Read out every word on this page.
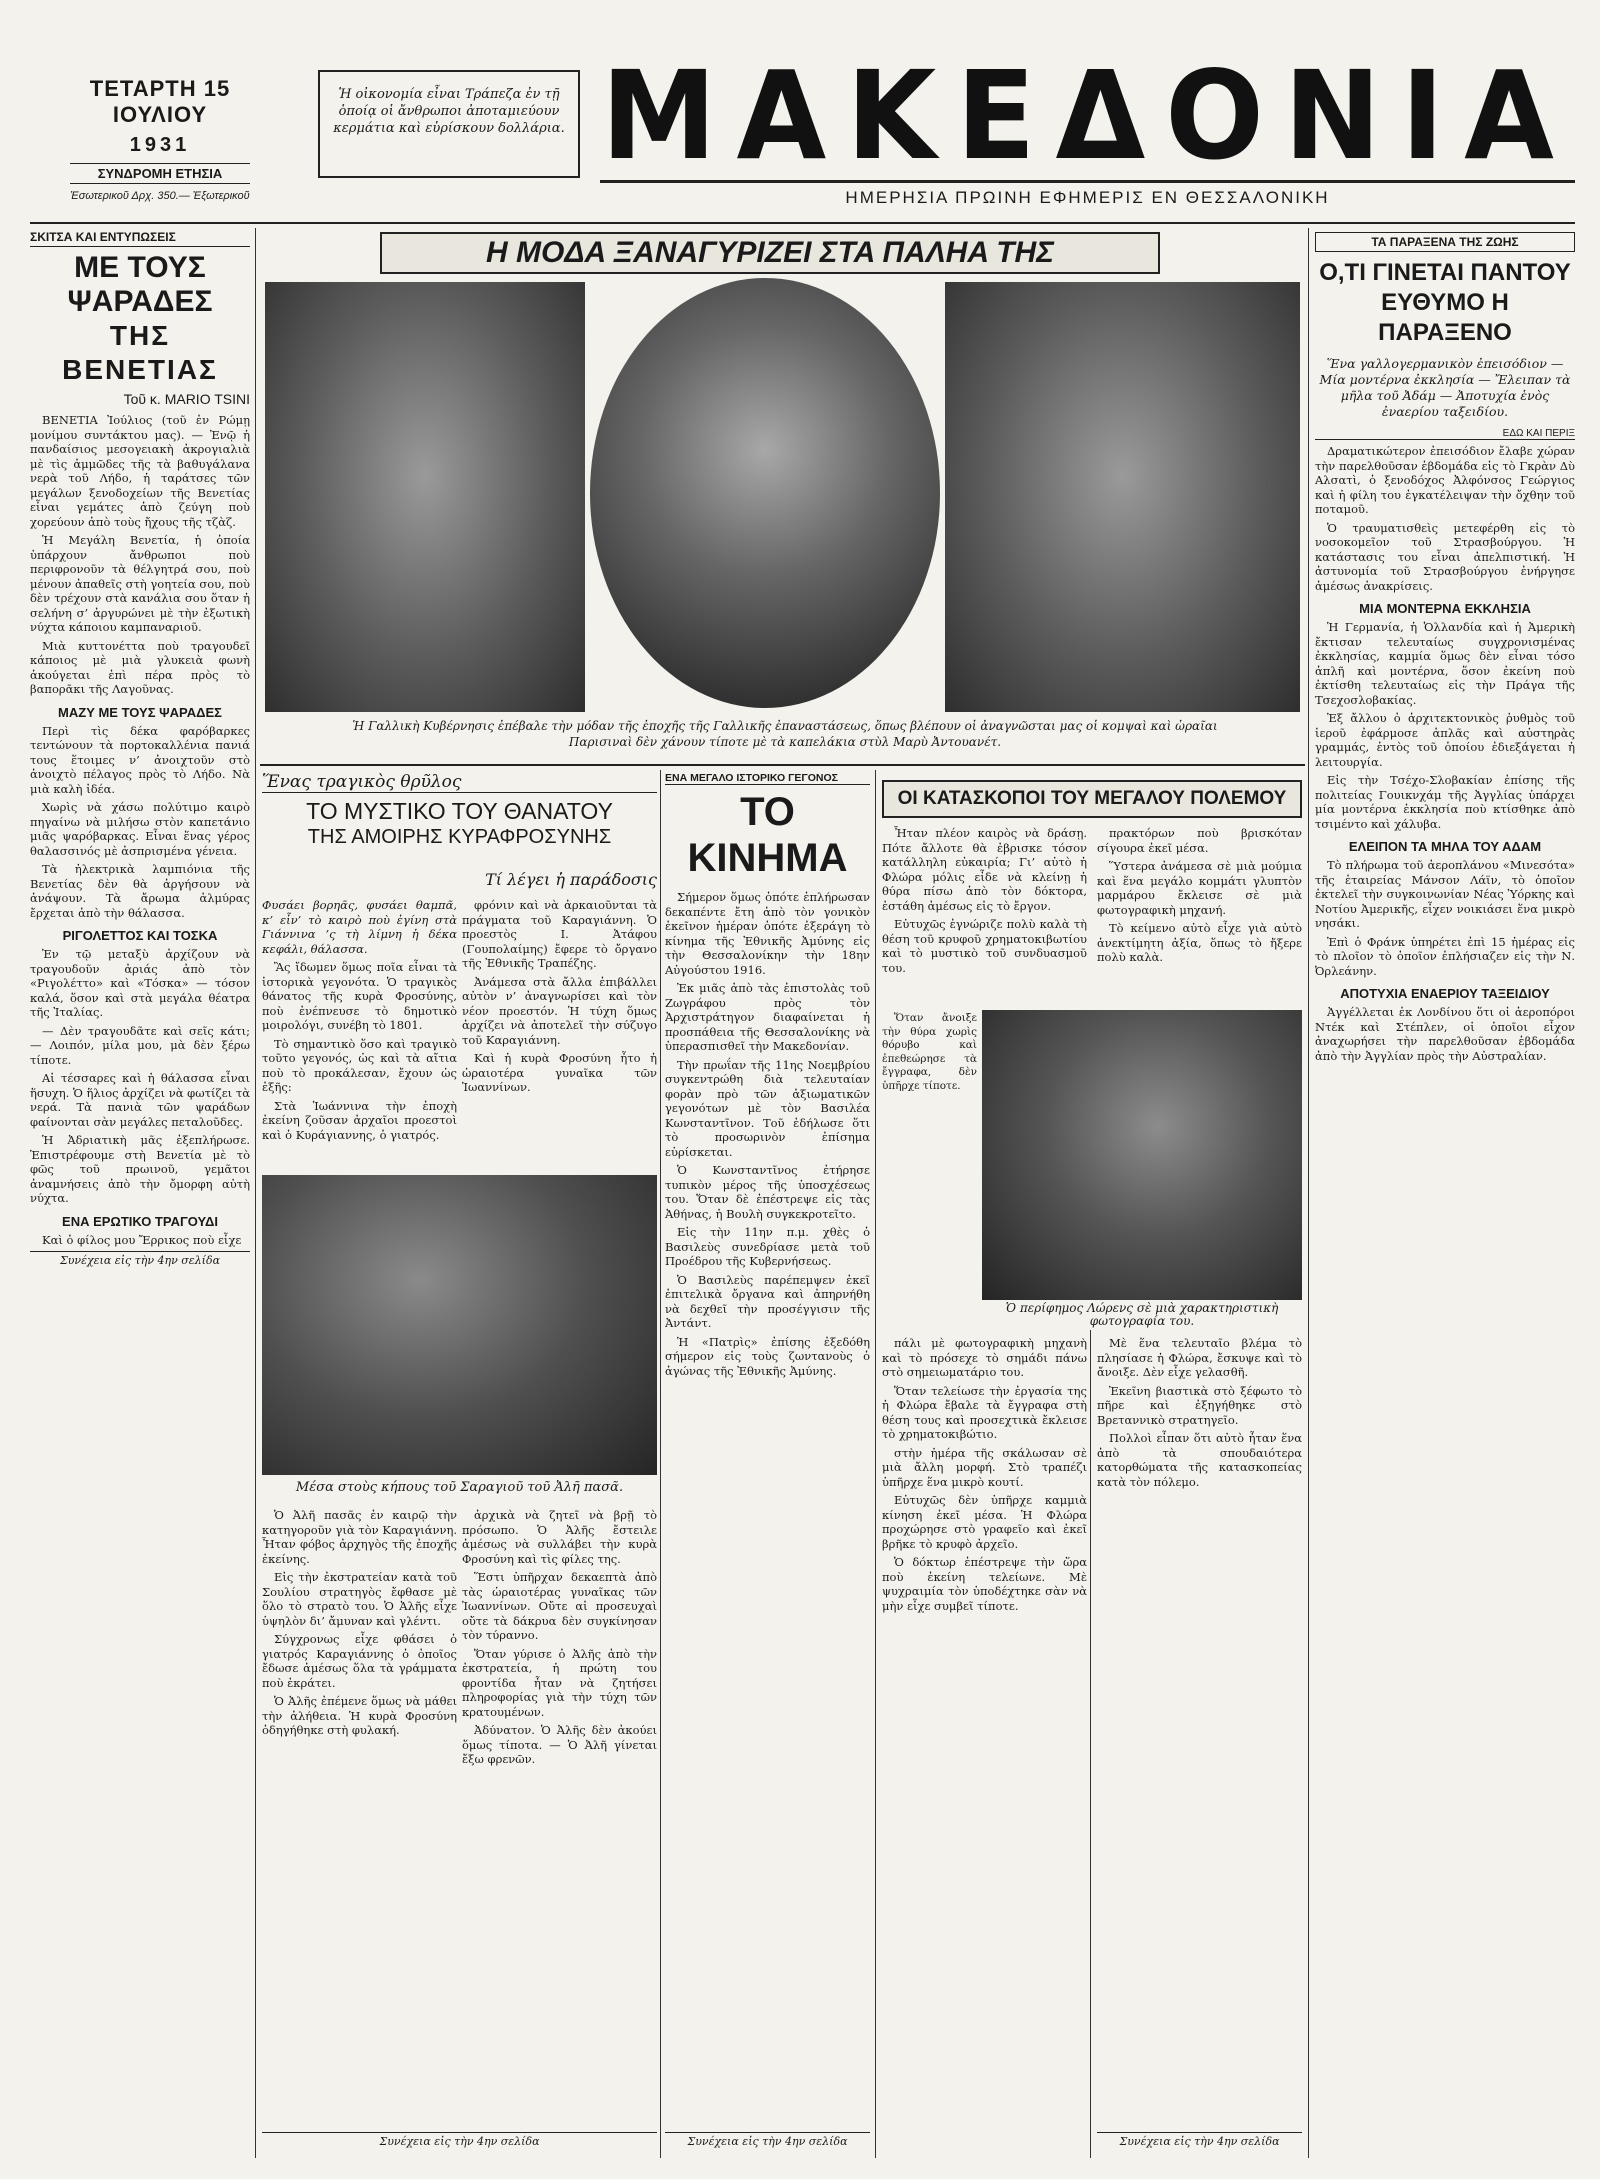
ΤΕΤΑΡΤΗ 15 ΙΟΥΛΙΟΥ
1931
ΣΥΝΔΡΟΜΗ ΕΤΗΣΙΑ
Ἐσωτερικοῦ Δρχ. 350.— Ἐξωτερικοῦ
Ἡ οἰκονομία εἶναι Τράπεζα ἐν τῇ ὁποίᾳ οἱ ἄνθρωποι ἀποταμιεύουν κερμάτια καὶ εὑρίσκουν δολλάρια. ΜΑΚΕΔΟΝΙΑ
ΗΜΕΡΗΣΙΑ ΠΡΩΙΝΗ ΕΦΗΜΕΡΙΣ ΕΝ ΘΕΣΣΑΛΟΝΙΚΗ
ΣΚΙΤΣΑ ΚΑΙ ΕΝΤΥΠΩΣΕΙΣ
ΜΕ ΤΟΥΣ ΨΑΡΑΔΕΣ
ΤΗΣ ΒΕΝΕΤΙΑΣ
Τοῦ κ. MARIO TSINI

ΒΕΝΕΤΙΑ Ἰούλιος (τοῦ ἐν Ρώμῃ μονίμου συντάκτου μας). — Ἐνῷ ἡ πανδαίσιος μεσογειακὴ ἀκρογιαλιὰ μὲ τὶς ἀμμῶδες τῆς τὰ βαθυγάλανα νερὰ τοῦ Λήδο, ἡ ταράτσες τῶν μεγάλων ξενοδοχείων τῆς Βενετίας εἶναι γεμάτες ἀπὸ ζεύγη ποὺ χορεύουν ἀπὸ τοὺς ἤχους τῆς τζὰζ.

Ἡ Μεγάλη Βενετία, ἡ ὁποία ὑπάρχουν ἄνθρωποι ποὺ περιφρονοῦν τὰ θέλγητρά σου, ποὺ μένουν ἀπαθεῖς στὴ γοητεία σου, ποὺ δὲν τρέχουν στὰ κανάλια σου ὅταν ἡ σελήνη σ’ ἀργυρώνει μὲ τὴν ἐξωτικὴ νύχτα κάποιου καμπαναριοῦ.

Μιὰ κυττονέττα ποὺ τραγουδεῖ κάποιος μὲ μιὰ γλυκειὰ φωνὴ ἀκούγεται ἐπὶ πέρα πρὸς τὸ βαπορᾶκι τῆς Λαγοῦνας.

ΜΑΖΥ ΜΕ ΤΟΥΣ ΨΑΡΑΔΕΣ

Περὶ τὶς δέκα φαρόβαρκες τεντώνουν τὰ πορτοκαλλένια πανιά τους ἕτοιμες ν’ ἀνοιχτοῦν στὸ ἀνοιχτὸ πέλαγος πρὸς τὸ Λήδο. Νὰ μιὰ καλὴ ἰδέα.

Χωρὶς νὰ χάσω πολύτιμο καιρὸ πηγαίνω νὰ μιλήσω στὸν καπετάνιο μιᾶς ψαρόβαρκας. Εἶναι ἕνας γέρος θαλασσινός μὲ ἀσπρισμένα γένεια.

Τὰ ἠλεκτρικὰ λαμπιόνια τῆς Βενετίας δὲν θὰ ἀργήσουν νὰ ἀνάψουν. Τὰ ἄρωμα ἁλμύρας ἔρχεται ἀπὸ τὴν θάλασσα.

ΡΙΓΟΛΕΤΤΟΣ ΚΑΙ ΤΟΣΚΑ

Ἐν τῷ μεταξὺ ἀρχίζουν νὰ τραγουδοῦν ἀριάς ἀπὸ τὸν «Ριγολέττο» καὶ «Τόσκα» — τόσον καλά, ὅσον καὶ στὰ μεγάλα θέατρα τῆς Ἰταλίας.

— Δὲν τραγουδᾶτε καὶ σεῖς κάτι; — Λοιπόν, μίλα μου, μὰ δὲν ξέρω τίποτε.

Αἱ τέσσαρες καὶ ἡ θάλασσα εἶναι ἥσυχη. Ὁ ἥλιος ἀρχίζει νὰ φωτίζει τὰ νερά. Τὰ πανιὰ τῶν ψαράδων φαίνονται σὰν μεγάλες πεταλοῦδες.

Ἡ Ἀδριατικὴ μᾶς ἐξεπλήρωσε. Ἐπιστρέφουμε στὴ Βενετία μὲ τὸ φῶς τοῦ πρωινοῦ, γεμᾶτοι ἀναμνήσεις ἀπὸ τὴν ὄμορφη αὐτὴ νύχτα.

ΕΝΑ ΕΡΩΤΙΚΟ ΤΡΑΓΟΥΔΙ

Καὶ ὁ φίλος μου Ἔρρικος ποὺ εἶχε

Συνέχεια εἰς τὴν 4ην σελίδα
Η ΜΟΔΑ ΞΑΝΑΓΥΡΙΖΕΙ ΣΤΑ ΠΑΛΗΑ ΤΗΣ
Ἡ Γαλλικὴ Κυβέρνησις ἐπέβαλε τὴν μόδαν τῆς ἐποχῆς τῆς Γαλλικῆς ἐπαναστάσεως, ὅπως βλέπουν οἱ ἀναγνῶσται μας οἱ κομψαὶ καὶ ὡραῖαι Παρισιναὶ δὲν χάνουν τίποτε μὲ τὰ καπελάκια στὺλ Μαρὺ Ἀντουανέτ.
ΤΑ ΠΑΡΑΞΕΝΑ ΤΗΣ ΖΩΗΣ
Ο,ΤΙ ΓΙΝΕΤΑΙ ΠΑΝΤΟΥ
ΕΥΘΥΜΟ Η ΠΑΡΑΞΕΝΟ

Ἕνα γαλλογερμανικὸν ἐπεισόδιον — Μία μοντέρνα ἐκκλησία — Ἔλειπαν τὰ μῆλα τοῦ Ἀδάμ — Ἀποτυχία ἑνὸς ἐναερίου ταξειδίου.

ΕΔΩ ΚΑΙ ΠΕΡΙΞ

Δραματικώτερον ἐπεισόδιον ἔλαβε χώραν τὴν παρελθοῦσαν ἑβδομάδα εἰς τὸ Γκρὰν Δὺ Αλσατὶ, ὁ ξενοδόχος Ἀλφόνσος Γεώργιος καὶ ἡ φίλη του ἐγκατέλειψαν τὴν ὄχθην τοῦ ποταμοῦ.

Ὁ τραυματισθεὶς μετεφέρθη εἰς τὸ νοσοκομεῖον τοῦ Στρασβούργου. Ἡ κατάστασις του εἶναι ἀπελπιστική. Ἡ ἀστυνομία τοῦ Στρασβούργου ἐνήργησε ἀμέσως ἀνακρίσεις.

ΜΙΑ ΜΟΝΤΕΡΝΑ ΕΚΚΛΗΣΙΑ

Ἡ Γερμανία, ἡ Ὁλλανδία καὶ ἡ Ἀμερικὴ ἔκτισαν τελευταίως συγχρονισμένας ἐκκλησίας, καμμία ὅμως δὲν εἶναι τόσο ἁπλῆ καὶ μοντέρνα, ὅσον ἐκείνη ποὺ ἐκτίσθη τελευταίως εἰς τὴν Πράγα τῆς Τσεχοσλοβακίας.

Ἐξ ἄλλου ὁ ἀρχιτεκτονικὸς ῥυθμὸς τοῦ ἱεροῦ ἐφάρμοσε ἁπλᾶς καὶ αὐστηρὰς γραμμάς, ἐντὸς τοῦ ὁποίου ἐδιεξάγεται ἡ λειτουργία.

Εἰς τὴν Τσέχο-Σλοβακίαν ἐπίσης τῆς πολιτείας Γουικνχάμ τῆς Ἀγγλίας ὑπάρχει μία μοντέρνα ἐκκλησία ποὺ κτίσθηκε ἀπὸ τσιμέντο καὶ χάλυβα.

ΕΛΕΙΠΟΝ ΤΑ ΜΗΛΑ ΤΟΥ ΑΔΑΜ

Τὸ πλήρωμα τοῦ ἀεροπλάνου «Μινεσότα» τῆς ἑταιρείας Μάνσον Λάϊν, τὸ ὁποῖον ἐκτελεῖ τὴν συγκοινωνίαν Νέας Ὑόρκης καὶ Νοτίου Ἀμερικῆς, εἶχεν νοικιάσει ἕνα μικρὸ νησάκι.

Ἐπὶ ὁ Φράνκ ὑπηρέτει ἐπὶ 15 ἡμέρας εἰς τὸ πλοῖον τὸ ὁποῖον ἐπλήσιαζεν εἰς τὴν Ν. Ὀρλεάνην.

ΑΠΟΤΥΧΙΑ ΕΝΑΕΡΙΟΥ ΤΑΞΕΙΔΙΟΥ

Ἀγγέλλεται ἐκ Λονδίνου ὅτι οἱ ἀεροπόροι Ντέκ καὶ Στέπλεν, οἱ ὁποῖοι εἶχον ἀναχωρήσει τὴν παρελθοῦσαν ἑβδομάδα ἀπὸ τὴν Ἀγγλίαν πρὸς τὴν Αὐστραλίαν.

Ἕνας τραγικὸς θρῦλος
ΤΟ ΜΥΣΤΙΚΟ ΤΟΥ ΘΑΝΑΤΟΥ
ΤΗΣ ΑΜΟΙΡΗΣ ΚΥΡΑΦΡΟΣΥΝΗΣ
Τί λέγει ἡ παράδοσις

Φυσάει βορηᾶς, φυσάει θαμπᾶ, κ’ εἶν’ τὸ καιρὸ ποὺ ἐγίνη στὰ Γιάννινα ’ς τὴ λίμνη ἡ δέκα κεφάλι, θάλασσα.

Ἂς ἴδωμεν ὅμως ποῖα εἶναι τὰ ἱστορικὰ γεγονότα. Ὁ τραγικὸς θάνατος τῆς κυρὰ Φροσύνης, ποὺ ἐνέπνευσε τὸ δημοτικὸ μοιρολόγι, συνέβη τὸ 1801.

Τὸ σημαντικὸ ὅσο καὶ τραγικὸ τοῦτο γεγονός, ὡς καὶ τὰ αἴτια ποὺ τὸ προκάλεσαν, ἔχουν ὡς ἑξῆς:

Στὰ Ἰωάννινα τὴν ἐποχὴ ἐκείνη ζοῦσαν ἀρχαῖοι προεστοὶ καὶ ὁ Κυράγιαννης, ὁ γιατρός.

φρόνιν καὶ νὰ ἀρκαιοῦνται τὰ πράγματα τοῦ Καραγιάννη. Ὁ προεστὸς Ι. Ἀτάφου (Γουπολαίμης) ἔφερε τὸ ὄργανο τῆς Ἐθνικῆς Τραπέζης.

Ἀνάμεσα στὰ ἄλλα ἐπιβάλλει αὐτὸν ν’ ἀναγνωρίσει καὶ τὸν νέον προεστόν. Ἡ τύχη ὅμως ἀρχίζει νὰ ἀποτελεῖ τὴν σύζυγο τοῦ Καραγιάννη.

Καὶ ἡ κυρὰ Φροσύνη ἦτο ἡ ὡραιοτέρα γυναῖκα τῶν Ἰωαννίνων.

Μέσα στοὺς κήπους τοῦ Σαραγιοῦ τοῦ Ἀλῆ πασᾶ.

Ὁ Ἀλῆ πασᾶς ἐν καιρῷ τὴν κατηγοροῦν γιὰ τὸν Καραγιάννη. Ἦταν φόβος ἀρχηγὸς τῆς ἐποχῆς ἐκείνης.

Εἰς τὴν ἐκστρατείαν κατὰ τοῦ Σουλίου στρατηγὸς ἔφθασε μὲ ὅλο τὸ στρατὸ του. Ὁ Ἀλῆς εἶχε ὑψηλὸν δι’ ἄμυναν καὶ γλέντι.

Σύγχρονως εἶχε φθάσει ὁ γιατρός Καραγιάννης ὁ ὁποῖος ἔδωσε ἀμέσως ὅλα τὰ γράμματα ποὺ ἐκράτει.

Ὁ Ἀλῆς ἐπέμενε ὅμως νὰ μάθει τὴν ἀλήθεια. Ἡ κυρὰ Φροσύνη ὁδηγήθηκε στὴ φυλακή.

ἀρχικὰ νὰ ζητεῖ νὰ βρῇ τὸ πρόσωπο. Ὁ Ἀλῆς ἔστειλε ἀμέσως νὰ συλλάβει τὴν κυρὰ Φροσύνη καὶ τὶς φίλες της.

Ἕστι ὑπῆρχαν δεκαεπτὰ ἀπὸ τὰς ὡραιοτέρας γυναῖκας τῶν Ἰωαννίνων. Οὔτε αἱ προσευχαὶ οὔτε τὰ δάκρυα δὲν συγκίνησαν τὸν τύραννο.

Ὅταν γύρισε ὁ Ἀλῆς ἀπὸ τὴν ἐκστρατεία, ἡ πρώτη του φροντίδα ἦταν νὰ ζητήσει πληροφορίας γιὰ τὴν τύχη τῶν κρατουμένων.

Ἀδύνατον. Ὁ Ἀλῆς δὲν ἀκούει ὅμως τίποτα. — Ὁ Ἀλῆ γίνεται ἔξω φρενῶν.

Συνέχεια εἰς τὴν 4ην σελίδα
ΕΝΑ ΜΕΓΑΛΟ ΙΣΤΟΡΙΚΟ ΓΕΓΟΝΟΣ
ΤΟ ΚΙΝΗΜΑ

Σήμερον ὅμως ὁπότε ἐπλήρωσαν δεκαπέντε ἔτη ἀπὸ τὸν γονικὸν ἐκεῖνον ἡμέραν ὁπότε ἐξεράγη τὸ κίνημα τῆς Ἐθνικῆς Ἀμύνης εἰς τὴν Θεσσαλονίκην τὴν 18ην Αὐγούστου 1916.

Ἐκ μιᾶς ἀπὸ τὰς ἐπιστολὰς τοῦ Ζωγράφου πρὸς τὸν Ἀρχιστράτηγον διαφαίνεται ἡ προσπάθεια τῆς Θεσσαλονίκης νὰ ὑπερασπισθεῖ τὴν Μακεδονίαν.

Τὴν πρωΐαν τῆς 11ης Νοεμβρίου συγκεντρώθη διὰ τελευταίαν φορὰν πρὸ τῶν ἀξιωματικῶν γεγονότων μὲ τὸν Βασιλέα Κωνσταντῖνον. Τοῦ ἐδήλωσε ὅτι τὸ προσωρινὸν ἐπίσημα εὑρίσκεται.

Ὁ Κωνσταντῖνος ἐτήρησε τυπικὸν μέρος τῆς ὑποσχέσεως του. Ὅταν δὲ ἐπέστρεψε εἰς τὰς Ἀθήνας, ἡ Βουλὴ συγκεκροτεῖτο.

Εἰς τὴν 11ην π.μ. χθὲς ὁ Βασιλεὺς συνεδρίασε μετὰ τοῦ Προέδρου τῆς Κυβερνήσεως.

Ὁ Βασιλεὺς παρέπεμψεν ἐκεῖ ἐπιτελικὰ ὄργανα καὶ ἀπηρνήθη νὰ δεχθεῖ τὴν προσέγγισιν τῆς Ἀντάντ.

Ἡ «Πατρὶς» ἐπίσης ἐξεδόθη σήμερον εἰς τοὺς ζωντανοὺς ὁ ἀγώνας τῆς Ἐθνικῆς Ἀμύνης.

Συνέχεια εἰς τὴν 4ην σελίδα
ΟΙ ΚΑΤΑΣΚΟΠΟΙ ΤΟΥ ΜΕΓΑΛΟΥ ΠΟΛΕΜΟΥ

Ἦταν πλέον καιρὸς νὰ δράσῃ. Πότε ἄλλοτε θὰ ἐβρισκε τόσον κατάλληλη εὐκαιρία; Γι’ αὐτὸ ἡ Φλώρα μόλις εἶδε νὰ κλείνῃ ἡ θύρα πίσω ἀπὸ τὸν δόκτορα, ἐστάθη ἀμέσως εἰς τὸ ἔργον.

Εὐτυχῶς ἐγνώριζε πολὺ καλὰ τὴ θέση τοῦ κρυφοῦ χρηματοκιβωτίου καὶ τὸ μυστικὸ τοῦ συνδυασμοῦ του.

πρακτόρων ποὺ βρισκόταν σίγουρα ἐκεῖ μέσα.

Ὕστερα ἀνάμεσα σὲ μιὰ μούμια καὶ ἕνα μεγάλο κομμάτι γλυπτὸν μαρμάρου ἔκλεισε σὲ μιὰ φωτογραφικὴ μηχανή.

Τὸ κείμενο αὐτὸ εἶχε γιὰ αὐτὸ ἀνεκτίμητη ἀξία, ὅπως τὸ ἤξερε πολὺ καλὰ.

Ὅταν ἄνοιξε τὴν θύρα χωρὶς θόρυβο καὶ ἐπεθεώρησε τὰ ἔγγραφα, δὲν ὑπῆρχε τίποτε.

Ὁ περίφημος Λώρενς σὲ μιὰ χαρακτηριστικὴ φωτογραφία του.

πάλι μὲ φωτογραφικὴ μηχανὴ καὶ τὸ πρόσεχε τὸ σημάδι πάνω στὸ σημειωματάριο του.

Ὅταν τελείωσε τὴν ἐργασία της ἡ Φλώρα ἔβαλε τὰ ἔγγραφα στὴ θέση τους καὶ προσεχτικὰ ἔκλεισε τὸ χρηματοκιβώτιο.

στὴν ἡμέρα τῆς σκάλωσαν σὲ μιὰ ἄλλη μορφή. Στὸ τραπέζι ὑπῆρχε ἕνα μικρὸ κουτί.

Εὐτυχῶς δὲν ὑπῆρχε καμμιὰ κίνηση ἐκεῖ μέσα. Ἡ Φλώρα προχώρησε στὸ γραφεῖο καὶ ἐκεῖ βρῆκε τὸ κρυφὸ ἀρχεῖο.

Ὁ δόκτωρ ἐπέστρεψε τὴν ὥρα ποὺ ἐκείνη τελείωνε. Μὲ ψυχραιμία τὸν ὑποδέχτηκε σὰν νὰ μὴν εἶχε συμβεῖ τίποτε.

Μὲ ἕνα τελευταῖο βλέμα τὸ πλησίασε ἡ Φλώρα, ἔσκυψε καὶ τὸ ἄνοιξε. Δὲν εἶχε γελασθῆ.

Ἐκεῖνη βιαστικὰ στὸ ξέφωτο τὸ πῆρε καὶ ἐξηγήθηκε στὸ Βρεταννικὸ στρατηγεῖο.

Πολλοὶ εἶπαν ὅτι αὐτὸ ἦταν ἕνα ἀπὸ τὰ σπουδαιότερα κατορθώματα τῆς κατασκοπείας κατὰ τὸν πόλεμο.

Συνέχεια εἰς τὴν 4ην σελίδα
